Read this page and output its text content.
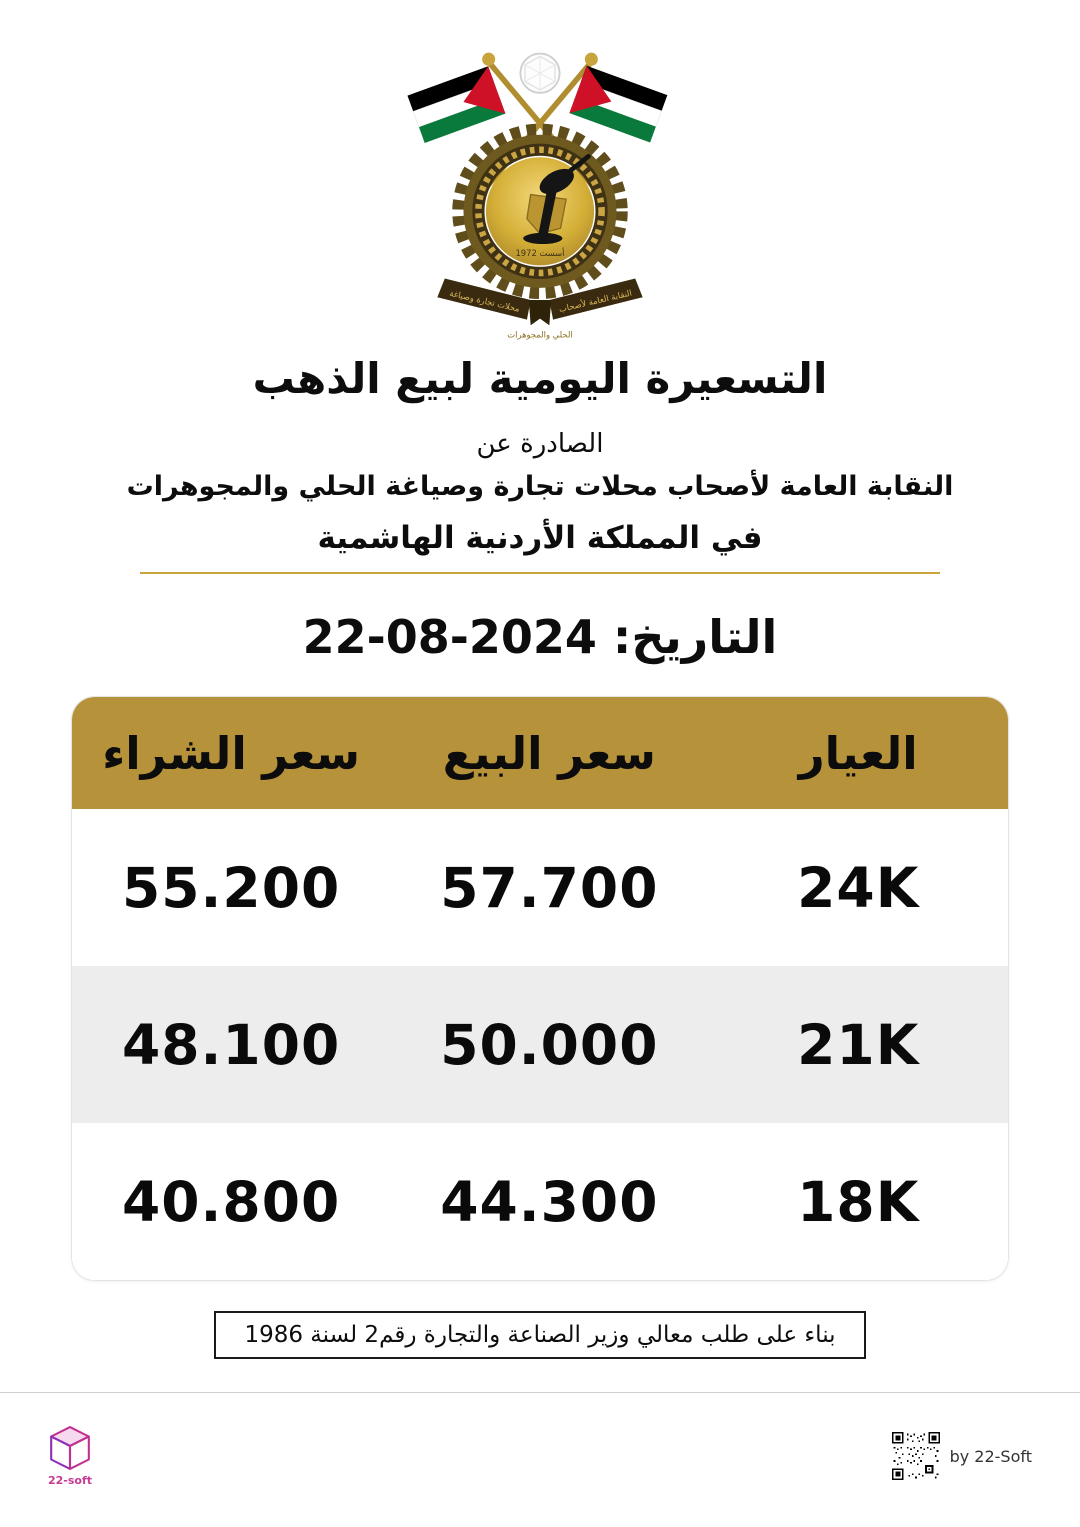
أسست 1972
محلات تجارة وصياغة	النقابة العامة لأصحاب
الحلي والمجوهرات
التسعيرة اليومية لبيع الذهب
الصادرة عن
النقابة العامة لأصحاب محلات تجارة وصياغة الحلي والمجوهرات
في المملكة الأردنية الهاشمية
التاريخ:
22-08-2024
العيار
سعر البيع
سعر الشراء
24K
57.700
55.200
21K
50.000
48.100
18K
44.300
40.800
بناء على طلب معالي وزير الصناعة والتجارة رقم2 لسنة 1986
22-soft
by 22-Soft
